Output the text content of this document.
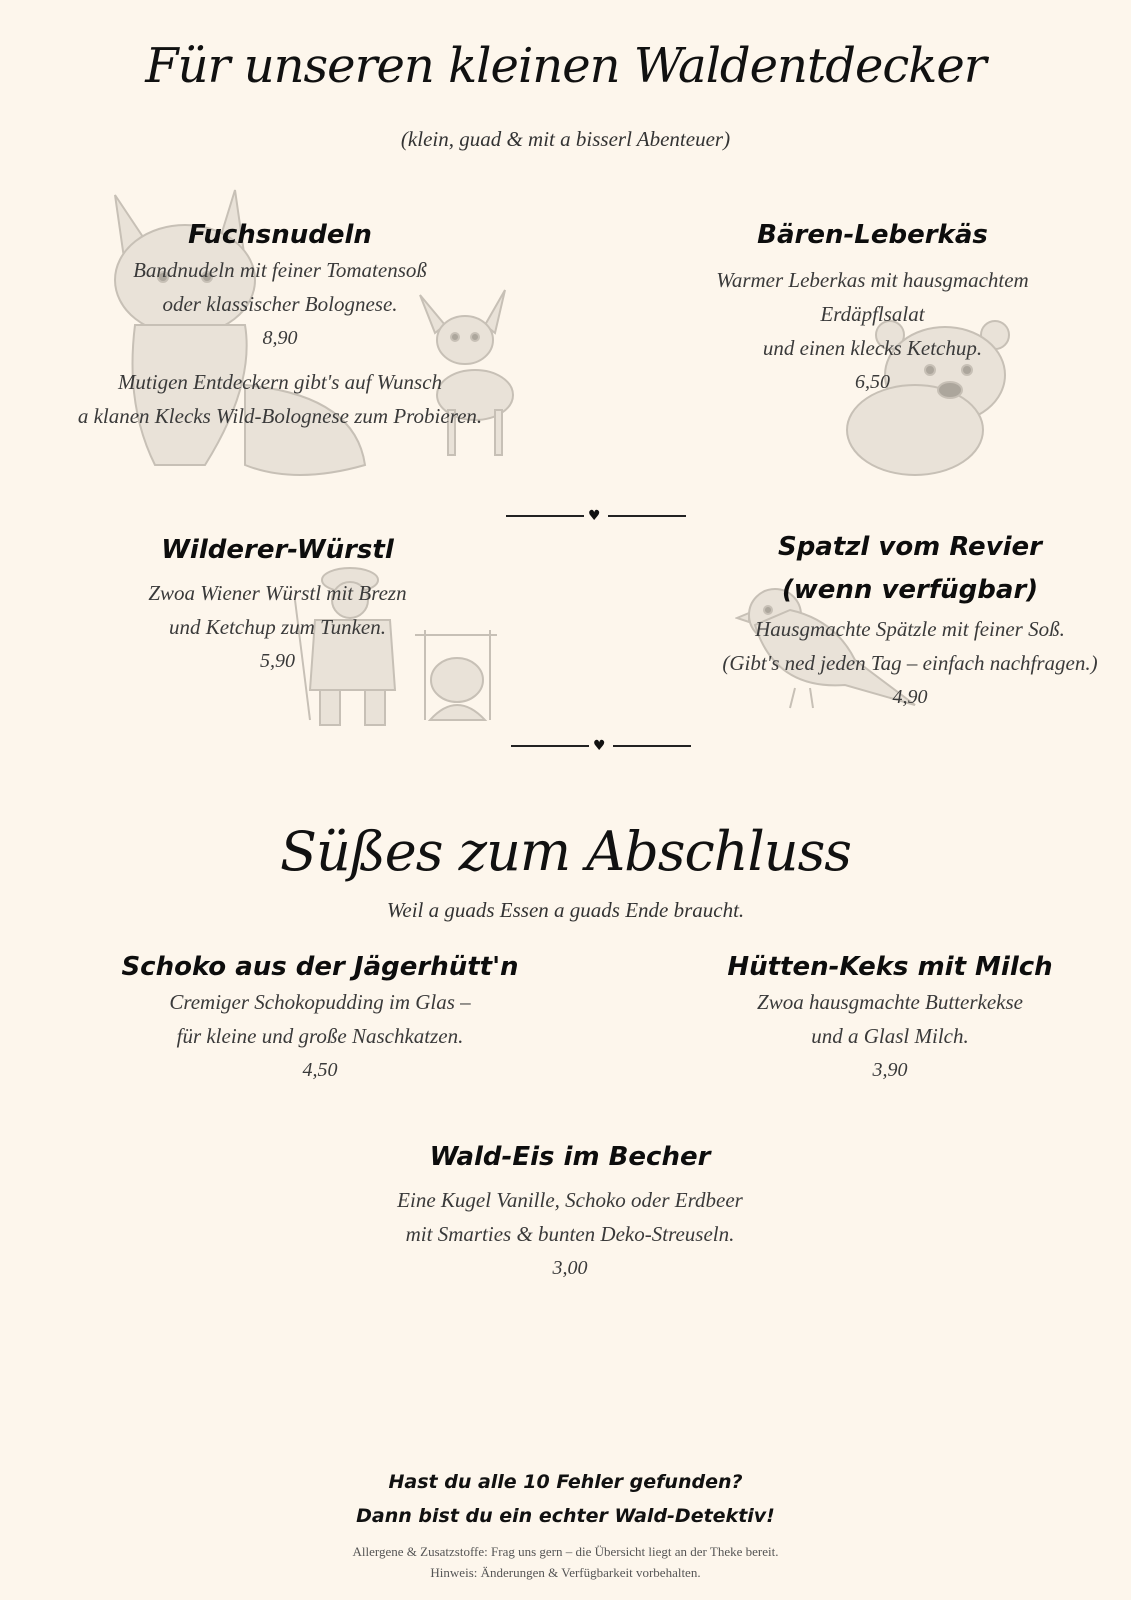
Für unseren kleinen Waldentdecker
(klein, guad & mit a bisserl Abenteuer)

Fuchsnudeln

Bandnudeln mit feiner Tomatensoß

oder klassischer Bolognese.

8,90

Mutigen Entdeckern gibt's auf Wunsch

a klanen Klecks Wild-Bolognese zum Probieren.

Bären-Leberkäs

Warmer Leberkas mit hausgmachtem

Erdäpflsalat

und einen klecks Ketchup.

6,50

♥

Wilderer-Würstl

Zwoa Wiener Würstl mit Brezn

und Ketchup zum Tunken.

5,90

Spatzl vom Revier

(wenn verfügbar)

Hausgmachte Spätzle mit feiner Soß.

(Gibt's ned jeden Tag – einfach nachfragen.)

4,90

♥
Süßes zum Abschluss
Weil a guads Essen a guads Ende braucht.

Schoko aus der Jägerhütt'n

Cremiger Schokopudding im Glas –

für kleine und große Naschkatzen.

4,50

Hütten-Keks mit Milch

Zwoa hausgmachte Butterkekse

und a Glasl Milch.

3,90

Wald-Eis im Becher

Eine Kugel Vanille, Schoko oder Erdbeer

mit Smarties & bunten Deko-Streuseln.

3,00

Hast du alle 10 Fehler gefunden?
Dann bist du ein echter Wald-Detektiv!
Allergene & Zusatzstoffe: Frag uns gern – die Übersicht liegt an der Theke bereit.
Hinweis: Änderungen & Verfügbarkeit vorbehalten.
